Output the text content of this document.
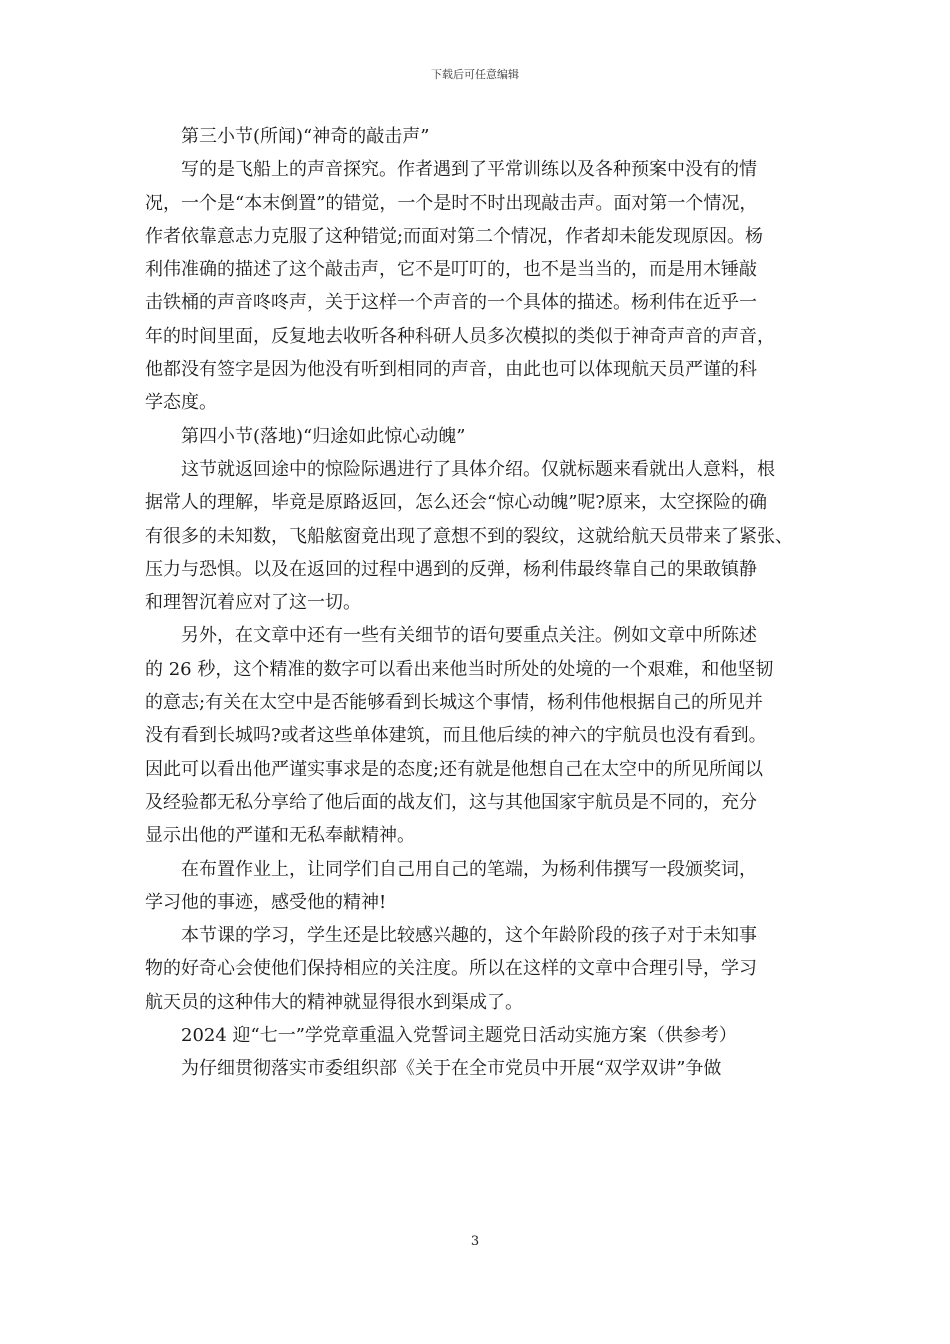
下载后可任意编辑
第三小节(所闻)“神奇的敲击声”
写的是飞船上的声音探究。作者遇到了平常训练以及各种预案中没有的情
况，一个是“本末倒置”的错觉，一个是时不时出现敲击声。面对第一个情况，
作者依靠意志力克服了这种错觉;而面对第二个情况，作者却未能发现原因。杨
利伟准确的描述了这个敲击声，它不是叮叮的，也不是当当的，而是用木锤敲
击铁桶的声音咚咚声，关于这样一个声音的一个具体的描述。杨利伟在近乎一
年的时间里面，反复地去收听各种科研人员多次模拟的类似于神奇声音的声音，
他都没有签字是因为他没有听到相同的声音，由此也可以体现航天员严谨的科
学态度。
第四小节(落地)“归途如此惊心动魄”
这节就返回途中的惊险际遇进行了具体介绍。仅就标题来看就出人意料，根
据常人的理解，毕竟是原路返回，怎么还会“惊心动魄”呢?原来，太空探险的确
有很多的未知数，飞船舷窗竟出现了意想不到的裂纹，这就给航天员带来了紧张、
压力与恐惧。以及在返回的过程中遇到的反弹，杨利伟最终靠自己的果敢镇静
和理智沉着应对了这一切。
另外，在文章中还有一些有关细节的语句要重点关注。例如文章中所陈述
的 26 秒，这个精准的数字可以看出来他当时所处的处境的一个艰难，和他坚韧
的意志;有关在太空中是否能够看到长城这个事情，杨利伟他根据自己的所见并
没有看到长城吗?或者这些单体建筑，而且他后续的神六的宇航员也没有看到。
因此可以看出他严谨实事求是的态度;还有就是他想自己在太空中的所见所闻以
及经验都无私分享给了他后面的战友们，这与其他国家宇航员是不同的，充分
显示出他的严谨和无私奉献精神。
在布置作业上，让同学们自己用自己的笔端，为杨利伟撰写一段颁奖词，
学习他的事迹，感受他的精神!
本节课的学习，学生还是比较感兴趣的，这个年龄阶段的孩子对于未知事
物的好奇心会使他们保持相应的关注度。所以在这样的文章中合理引导，学习
航天员的这种伟大的精神就显得很水到渠成了。
2024 迎“七一”学党章重温入党誓词主题党日活动实施方案（供参考）
为仔细贯彻落实市委组织部《关于在全市党员中开展“双学双讲”争做
3
